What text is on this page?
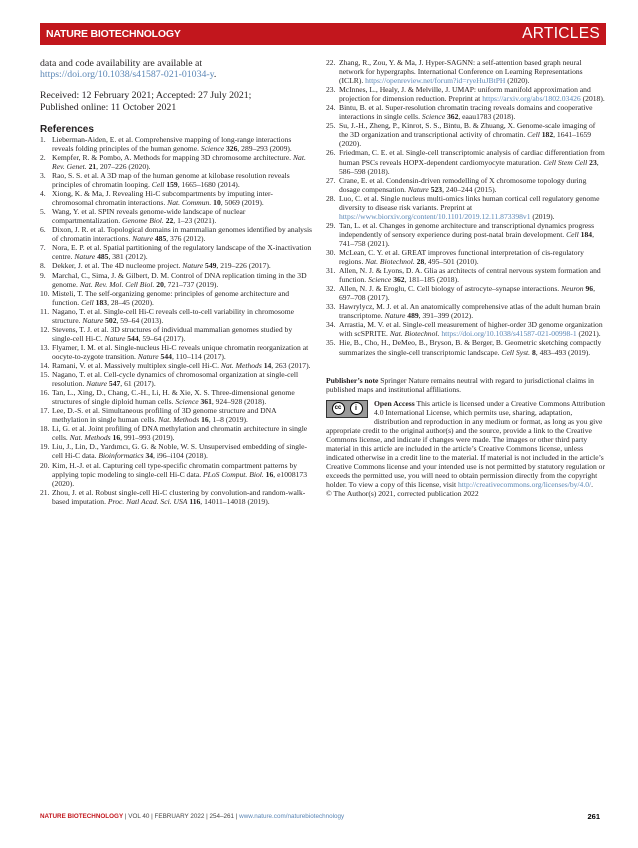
NATURE BIOTECHNOLOGY	ARTICLES

data and code availability are available at https://doi.org/10.1038/s41587-021-01034-y.

Received: 12 February 2021; Accepted: 27 July 2021;
Published online: 11 October 2021
References
1. Lieberman-Aiden, E. et al. Comprehensive mapping of long-range interactions reveals folding principles of the human genome. Science 326, 289–293 (2009).
2. Kempfer, R. & Pombo, A. Methods for mapping 3D chromosome architecture. Nat. Rev. Genet. 21, 207–226 (2020).
3. Rao, S. S. et al. A 3D map of the human genome at kilobase resolution reveals principles of chromatin looping. Cell 159, 1665–1680 (2014).
4. Xiong, K. & Ma, J. Revealing Hi-C subcompartments by imputing inter-chromosomal chromatin interactions. Nat. Commun. 10, 5069 (2019).
5. Wang, Y. et al. SPIN reveals genome-wide landscape of nuclear compartmentalization. Genome Biol. 22, 1–23 (2021).
6. Dixon, J. R. et al. Topological domains in mammalian genomes identified by analysis of chromatin interactions. Nature 485, 376 (2012).
7. Nora, E. P. et al. Spatial partitioning of the regulatory landscape of the X-inactivation centre. Nature 485, 381 (2012).
8. Dekker, J. et al. The 4D nucleome project. Nature 549, 219–226 (2017).
9. Marchal, C., Sima, J. & Gilbert, D. M. Control of DNA replication timing in the 3D genome. Nat. Rev. Mol. Cell Biol. 20, 721–737 (2019).
10. Misteli, T. The self-organizing genome: principles of genome architecture and function. Cell 183, 28–45 (2020).
11. Nagano, T. et al. Single-cell Hi-C reveals cell-to-cell variability in chromosome structure. Nature 502, 59–64 (2013).
12. Stevens, T. J. et al. 3D structures of individual mammalian genomes studied by single-cell Hi-C. Nature 544, 59–64 (2017).
13. Flyamer, I. M. et al. Single-nucleus Hi-C reveals unique chromatin reorganization at oocyte-to-zygote transition. Nature 544, 110–114 (2017).
14. Ramani, V. et al. Massively multiplex single-cell Hi-C. Nat. Methods 14, 263 (2017).
15. Nagano, T. et al. Cell-cycle dynamics of chromosomal organization at single-cell resolution. Nature 547, 61 (2017).
16. Tan, L., Xing, D., Chang, C.-H., Li, H. & Xie, X. S. Three-dimensional genome structures of single diploid human cells. Science 361, 924–928 (2018).
17. Lee, D.-S. et al. Simultaneous profiling of 3D genome structure and DNA methylation in single human cells. Nat. Methods 16, 1–8 (2019).
18. Li, G. et al. Joint profiling of DNA methylation and chromatin architecture in single cells. Nat. Methods 16, 991–993 (2019).
19. Liu, J., Lin, D., Yardımcı, G. G. & Noble, W. S. Unsupervised embedding of single-cell Hi-C data. Bioinformatics 34, i96–i104 (2018).
20. Kim, H.-J. et al. Capturing cell type-specific chromatin compartment patterns by applying topic modeling to single-cell Hi-C data. PLoS Comput. Biol. 16, e1008173 (2020).
21. Zhou, J. et al. Robust single-cell Hi-C clustering by convolution-and random-walk-based imputation. Proc. Natl Acad. Sci. USA 116, 14011–14018 (2019).
22. Zhang, R., Zou, Y. & Ma, J. Hyper-SAGNN: a self-attention based graph neural network for hypergraphs. International Conference on Learning Representations (ICLR). https://openreview.net/forum?id=ryeHuJBtPH (2020).
23. McInnes, L., Healy, J. & Melville, J. UMAP: uniform manifold approximation and projection for dimension reduction. Preprint at https://arxiv.org/abs/1802.03426 (2018).
24. Bintu, B. et al. Super-resolution chromatin tracing reveals domains and cooperative interactions in single cells. Science 362, eaau1783 (2018).
25. Su, J.-H., Zheng, P., Kinrot, S. S., Bintu, B. & Zhuang, X. Genome-scale imaging of the 3D organization and transcriptional activity of chromatin. Cell 182, 1641–1659 (2020).
26. Friedman, C. E. et al. Single-cell transcriptomic analysis of cardiac differentiation from human PSCs reveals HOPX-dependent cardiomyocyte maturation. Cell Stem Cell 23, 586–598 (2018).
27. Crane, E. et al. Condensin-driven remodelling of X chromosome topology during dosage compensation. Nature 523, 240–244 (2015).
28. Luo, C. et al. Single nucleus multi-omics links human cortical cell regulatory genome diversity to disease risk variants. Preprint at https://www.biorxiv.org/content/10.1101/2019.12.11.873398v1 (2019).
29. Tan, L. et al. Changes in genome architecture and transcriptional dynamics progress independently of sensory experience during post-natal brain development. Cell 184, 741–758 (2021).
30. McLean, C. Y. et al. GREAT improves functional interpretation of cis-regulatory regions. Nat. Biotechnol. 28, 495–501 (2010).
31. Allen, N. J. & Lyons, D. A. Glia as architects of central nervous system formation and function. Science 362, 181–185 (2018).
32. Allen, N. J. & Eroglu, C. Cell biology of astrocyte–synapse interactions. Neuron 96, 697–708 (2017).
33. Hawrylycz, M. J. et al. An anatomically comprehensive atlas of the adult human brain transcriptome. Nature 489, 391–399 (2012).
34. Arrastia, M. V. et al. Single-cell measurement of higher-order 3D genome organization with scSPRITE. Nat. Biotechnol. https://doi.org/10.1038/s41587-021-00998-1 (2021).
35. Hie, B., Cho, H., DeMeo, B., Bryson, B. & Berger, B. Geometric sketching compactly summarizes the single-cell transcriptomic landscape. Cell Syst. 8, 483–493 (2019).

Publisher’s note Springer Nature remains neutral with regard to jurisdictional claims in published maps and institutional affiliations.

cc	i
Open Access This article is licensed under a Creative Commons Attribution 4.0 International License, which permits use, sharing, adaptation, distribution and reproduction in any medium or format, as long as you give appropriate credit to the original author(s) and the source, provide a link to the Creative Commons license, and indicate if changes were made. The images or other third party material in this article are included in the article’s Creative Commons license, unless indicated otherwise in a credit line to the material. If material is not included in the article’s Creative Commons license and your intended use is not permitted by statutory regulation or exceeds the permitted use, you will need to obtain permission directly from the copyright holder. To view a copy of this license, visit http://creativecommons.org/licenses/by/4.0/.
© The Author(s) 2021, corrected publication 2022
NATURE BIOTECHNOLOGY | VOL 40 | FEBRUARY 2022 | 254–261 | www.nature.com/naturebiotechnology	261
